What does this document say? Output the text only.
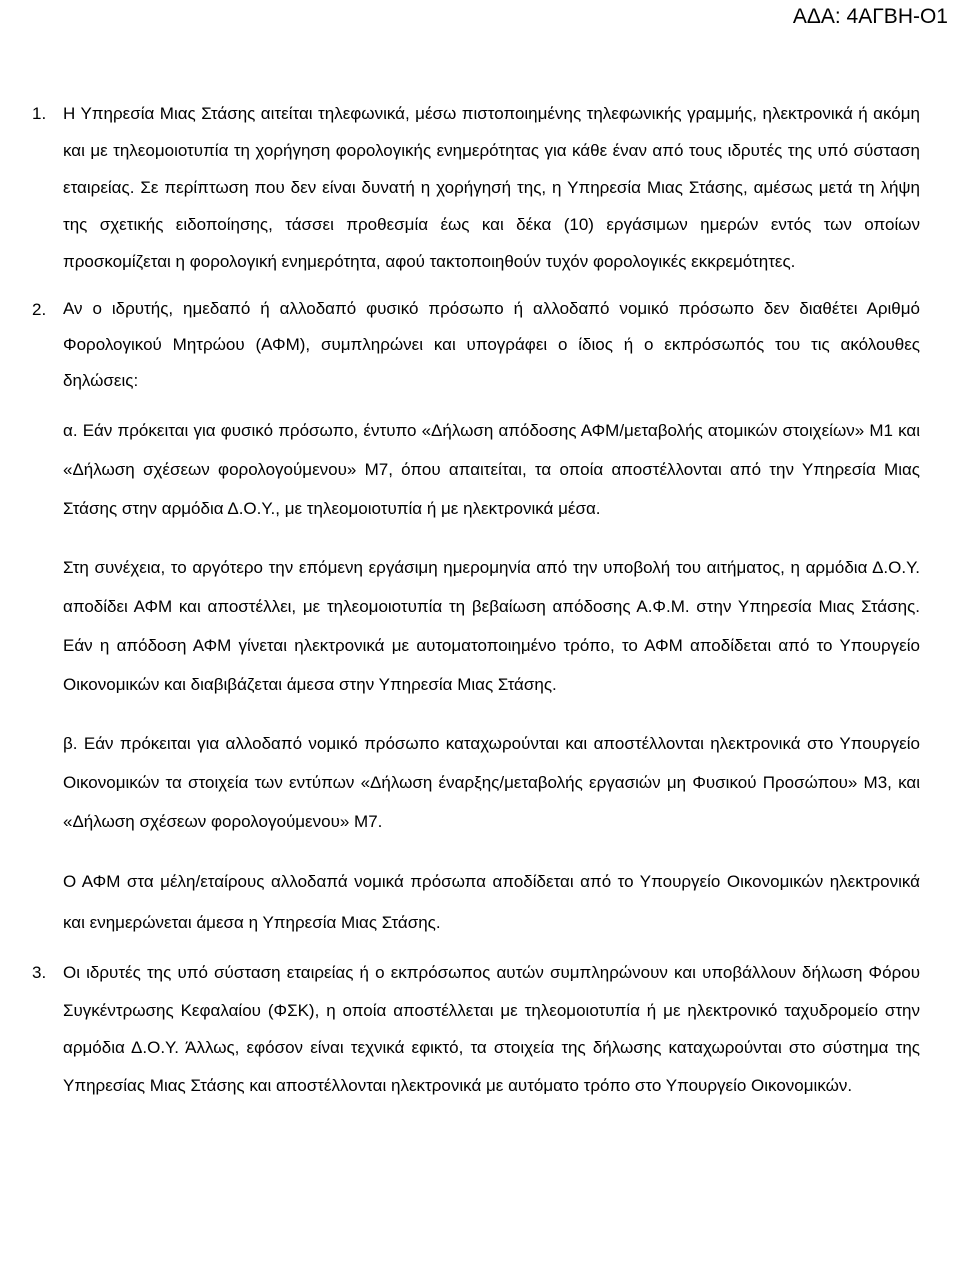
ΑΔΑ: 4ΑΓΒΗ-Ο1
1. Η Υπηρεσία Μιας Στάσης αιτείται τηλεφωνικά, μέσω πιστοποιημένης τηλεφωνικής γραμμής, ηλεκτρονικά ή ακόμη και με τηλεομοιοτυπία τη χορήγηση φορολογικής ενημερότητας για κάθε έναν από τους ιδρυτές της υπό σύσταση εταιρείας. Σε περίπτωση που δεν είναι δυνατή η χορήγησή της, η Υπηρεσία Μιας Στάσης, αμέσως μετά τη λήψη της σχετικής ειδοποίησης, τάσσει προθεσμία έως και δέκα (10) εργάσιμων ημερών εντός των οποίων προσκομίζεται η φορολογική ενημερότητα, αφού τακτοποιηθούν τυχόν φορολογικές εκκρεμότητες.

2. Αν ο ιδρυτής, ημεδαπό ή αλλοδαπό φυσικό πρόσωπο ή αλλοδαπό νομικό πρόσωπο δεν διαθέτει Αριθμό Φορολογικού Μητρώου (ΑΦΜ), συμπληρώνει και υπογράφει ο ίδιος ή ο εκπρόσωπός του τις ακόλουθες δηλώσεις:

α. Εάν πρόκειται για φυσικό πρόσωπο, έντυπο «Δήλωση απόδοσης ΑΦΜ/μεταβολής ατομικών στοιχείων» Μ1 και «Δήλωση σχέσεων φορολογούμενου» Μ7, όπου απαιτείται, τα οποία αποστέλλονται από την Υπηρεσία Μιας Στάσης στην αρμόδια Δ.Ο.Υ., με τηλεομοιοτυπία ή με ηλεκτρονικά μέσα.

Στη συνέχεια, το αργότερο την επόμενη εργάσιμη ημερομηνία από την υποβολή του αιτήματος, η αρμόδια Δ.Ο.Υ. αποδίδει ΑΦΜ και αποστέλλει, με τηλεομοιοτυπία τη βεβαίωση απόδοσης Α.Φ.Μ. στην Υπηρεσία Μιας Στάσης. Εάν η απόδοση ΑΦΜ γίνεται ηλεκτρονικά με αυτοματοποιημένο τρόπο, το ΑΦΜ αποδίδεται από το Υπουργείο Οικονομικών και διαβιβάζεται άμεσα στην Υπηρεσία Μιας Στάσης.

β. Εάν πρόκειται για αλλοδαπό νομικό πρόσωπο καταχωρούνται και αποστέλλονται ηλεκτρονικά στο Υπουργείο Οικονομικών τα στοιχεία των εντύπων «Δήλωση έναρξης/μεταβολής εργασιών μη Φυσικού Προσώπου» Μ3, και «Δήλωση σχέσεων φορολογούμενου» Μ7.

Ο ΑΦΜ στα μέλη/εταίρους αλλοδαπά νομικά πρόσωπα αποδίδεται από το Υπουργείο Οικονομικών ηλεκτρονικά και ενημερώνεται άμεσα η Υπηρεσία Μιας Στάσης.

3. Οι ιδρυτές της υπό σύσταση εταιρείας ή ο εκπρόσωπος αυτών συμπληρώνουν και υποβάλλουν δήλωση Φόρου Συγκέντρωσης Κεφαλαίου (ΦΣΚ), η οποία αποστέλλεται με τηλεομοιοτυπία ή με ηλεκτρονικό ταχυδρομείο στην αρμόδια Δ.Ο.Υ. Άλλως, εφόσον είναι τεχνικά εφικτό, τα στοιχεία της δήλωσης καταχωρούνται στο σύστημα της Υπηρεσίας Μιας Στάσης και αποστέλλονται ηλεκτρονικά με αυτόματο τρόπο στο Υπουργείο Οικονομικών.
